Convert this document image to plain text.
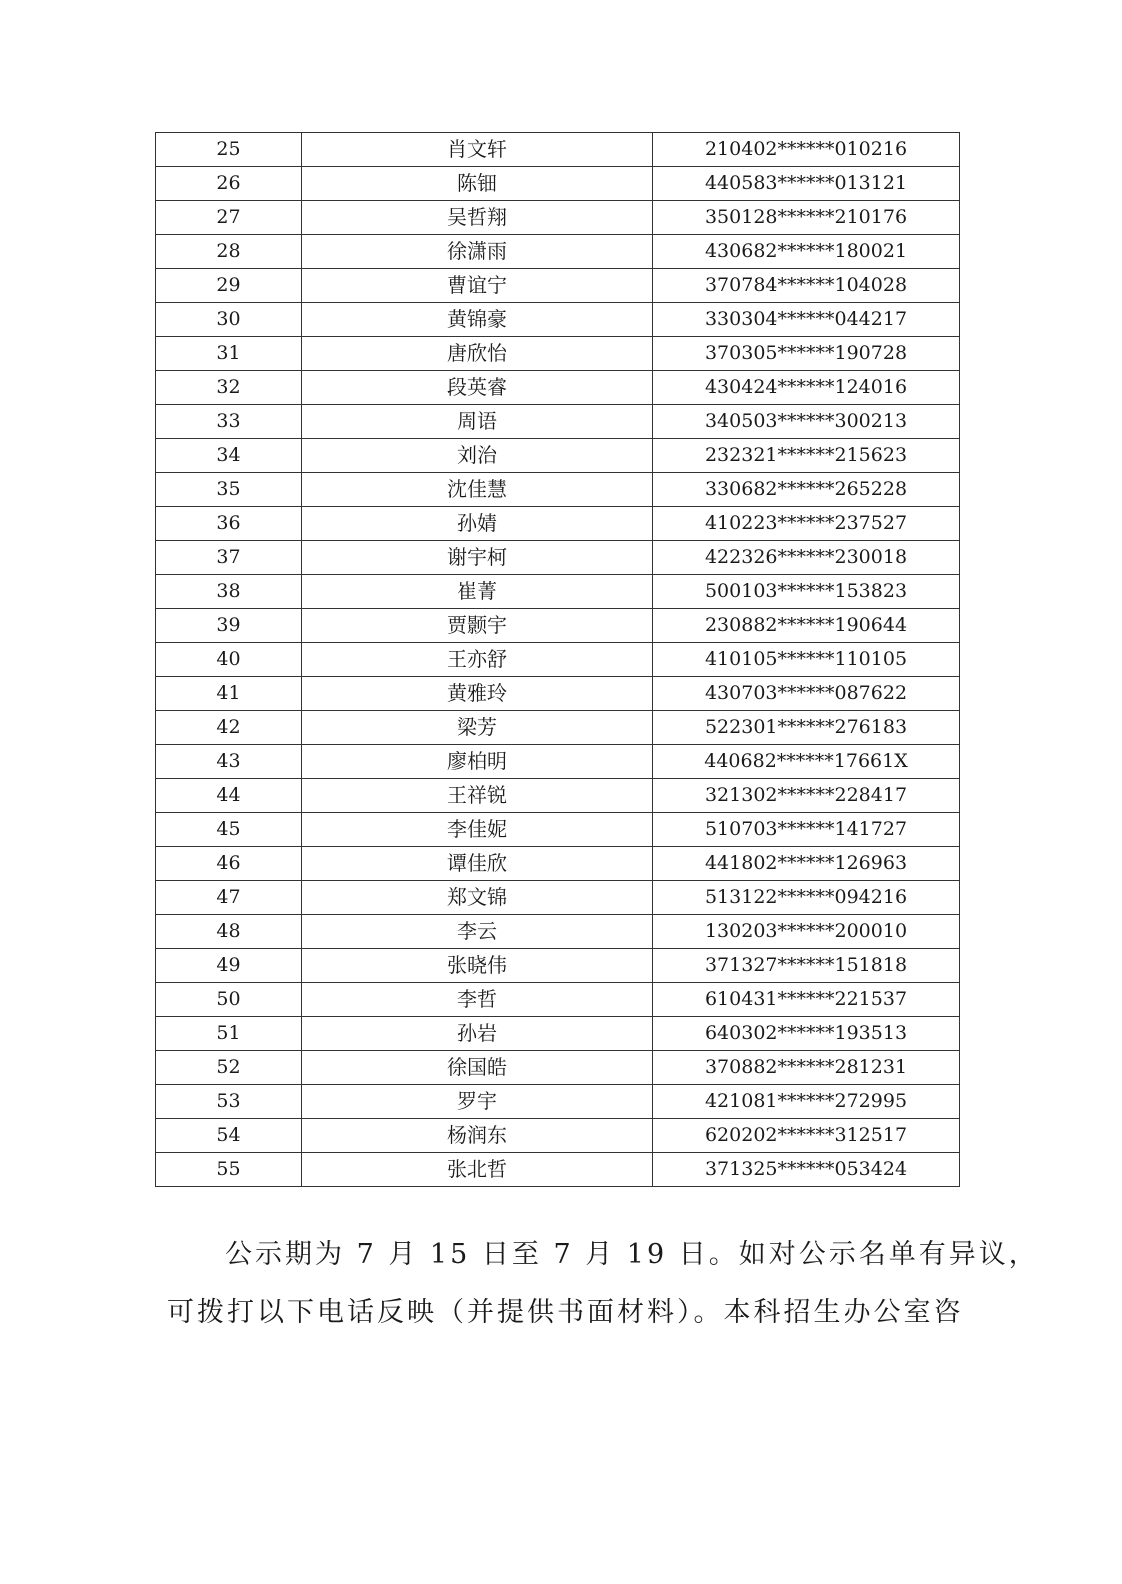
25	肖文轩	210402******010216
26	陈钿	440583******013121
27	吴哲翔	350128******210176
28	徐潇雨	430682******180021
29	曹谊宁	370784******104028
30	黄锦豪	330304******044217
31	唐欣怡	370305******190728
32	段英睿	430424******124016
33	周语	340503******300213
34	刘治	232321******215623
35	沈佳慧	330682******265228
36	孙婧	410223******237527
37	谢宇柯	422326******230018
38	崔菁	500103******153823
39	贾颢宇	230882******190644
40	王亦舒	410105******110105
41	黄雅玲	430703******087622
42	梁芳	522301******276183
43	廖柏明	440682******17661X
44	王祥锐	321302******228417
45	李佳妮	510703******141727
46	谭佳欣	441802******126963
47	郑文锦	513122******094216
48	李云	130203******200010
49	张晓伟	371327******151818
50	李哲	610431******221537
51	孙岩	640302******193513
52	徐国皓	370882******281231
53	罗宇	421081******272995
54	杨润东	620202******312517
55	张北哲	371325******053424

公示期为 7 月 15 日至 7 月 19 日。如对公示名单有异议，

可拨打以下电话反映（并提供书面材料）。本科招生办公室咨
